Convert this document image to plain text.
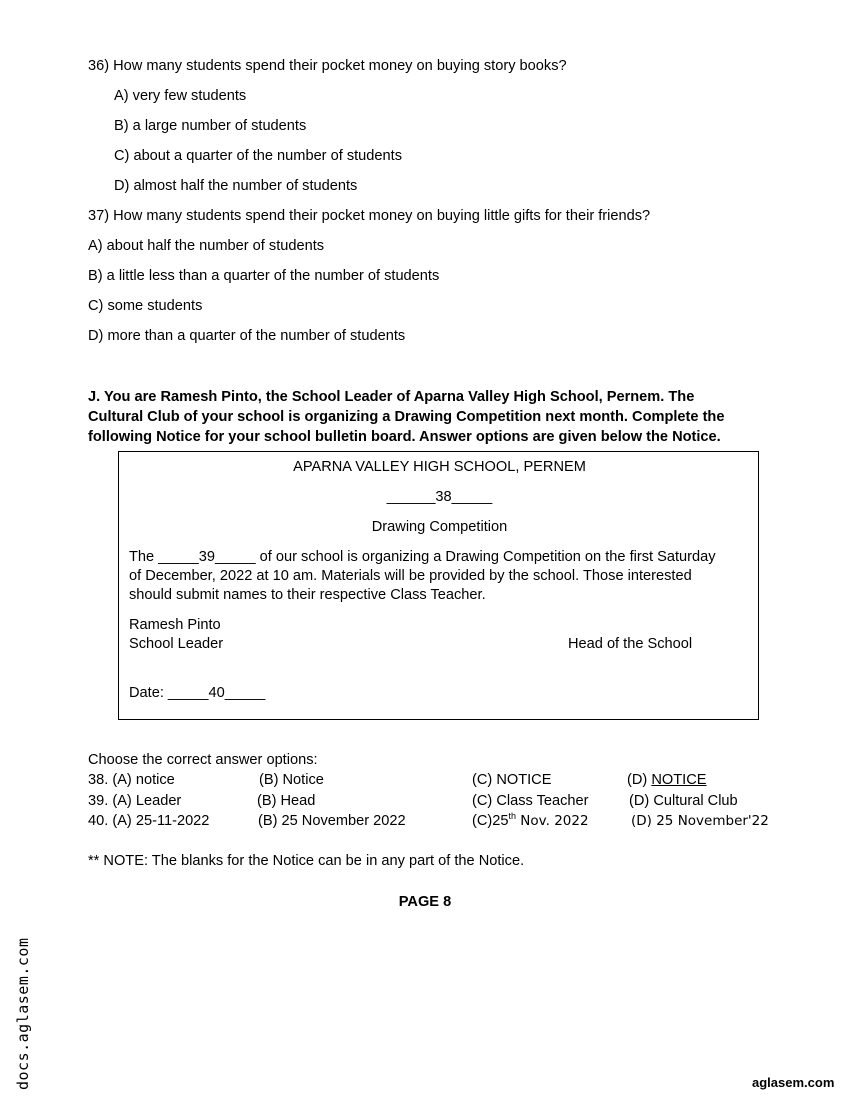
36) How many students spend their pocket money on buying story books?
A) very few students
B) a large number of students
C) about a quarter of the number of students
D) almost half the number of students
37) How many students spend their pocket money on buying little gifts for their friends?
A) about half the number of students
B) a little less than a quarter of the number of students
C) some students
D) more than a quarter of the number of students
J. You are Ramesh Pinto, the School Leader of Aparna Valley High School, Pernem. The
Cultural Club of your school is organizing a Drawing Competition next month. Complete the
following Notice for your school bulletin board. Answer options are given below the Notice.
APARNA VALLEY HIGH SCHOOL, PERNEM
______38_____
Drawing Competition
The _____39_____ of our school is organizing a Drawing Competition on the first Saturday
of December, 2022 at 10 am. Materials will be provided by the school. Those interested
should submit names to their respective Class Teacher.
Ramesh Pinto
School Leader	Head of the School
Date: _____40_____
Choose the correct answer options:
38. (A) notice	(B) Notice	(C) NOTICE	(D) NOTICE
39. (A) Leader	(B) Head	(C) Class Teacher	(D) Cultural Club
40. (A) 25-11-2022	(B) 25 November 2022	(C)25th Nov. 2022	(D) 25 November'22
** NOTE: The blanks for the Notice can be in any part of the Notice.
PAGE 8
docs.aglasem.com	aglasem.com
